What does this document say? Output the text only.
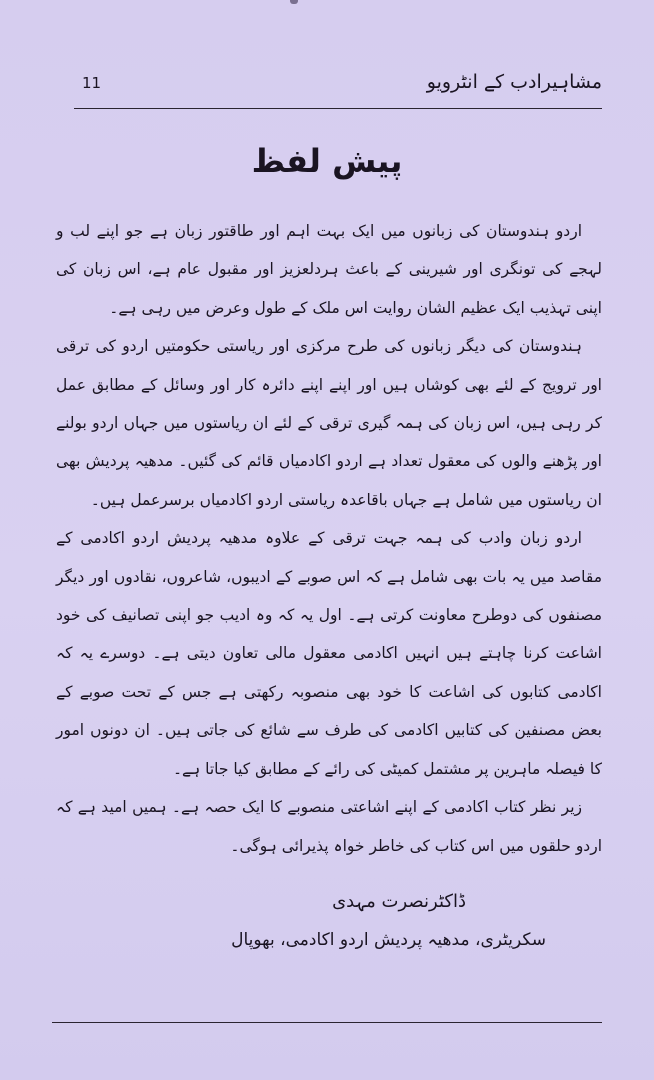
مشاہیرادب کے انٹرویو
11
پیش لفظ

اردو ہندوستان کی زبانوں میں ایک بہت اہم اور طاقتور زبان ہے جو اپنے لب و لہجے کی تونگری اور شیرینی کے باعث ہردلعزیز اور مقبول عام ہے، اس زبان کی اپنی تہذیب ایک عظیم الشان روایت اس ملک کے طول وعرض میں رہی ہے۔

ہندوستان کی دیگر زبانوں کی طرح مرکزی اور ریاستی حکومتیں اردو کی ترقی اور ترویج کے لئے بھی کوشاں ہیں اور اپنے اپنے دائرہ کار اور وسائل کے مطابق عمل کر رہی ہیں، اس زبان کی ہمہ گیری ترقی کے لئے ان ریاستوں میں جہاں اردو بولنے اور پڑھنے والوں کی معقول تعداد ہے اردو اکادمیاں قائم کی گئیں۔ مدھیہ پردیش بھی ان ریاستوں میں شامل ہے جہاں باقاعدہ ریاستی اردو اکادمیاں برسرعمل ہیں۔

اردو زبان وادب کی ہمہ جہت ترقی کے علاوہ مدھیہ پردیش اردو اکادمی کے مقاصد میں یہ بات بھی شامل ہے کہ اس صوبے کے ادیبوں، شاعروں، نقادوں اور دیگر مصنفوں کی دوطرح معاونت کرتی ہے۔ اول یہ کہ وہ ادیب جو اپنی تصانیف کی خود اشاعت کرنا چاہتے ہیں انہیں اکادمی معقول مالی تعاون دیتی ہے۔ دوسرے یہ کہ اکادمی کتابوں کی اشاعت کا خود بھی منصوبہ رکھتی ہے جس کے تحت صوبے کے بعض مصنفین کی کتابیں اکادمی کی طرف سے شائع کی جاتی ہیں۔ ان دونوں امور کا فیصلہ ماہرین پر مشتمل کمیٹی کی رائے کے مطابق کیا جاتا ہے۔

زیر نظر کتاب اکادمی کے اپنے اشاعتی منصوبے کا ایک حصہ ہے۔ ہمیں امید ہے کہ اردو حلقوں میں اس کتاب کی خاطر خواہ پذیرائی ہوگی۔

ڈاکٹرنصرت مہدی
سکریٹری، مدھیہ پردیش اردو اکادمی، بھوپال
